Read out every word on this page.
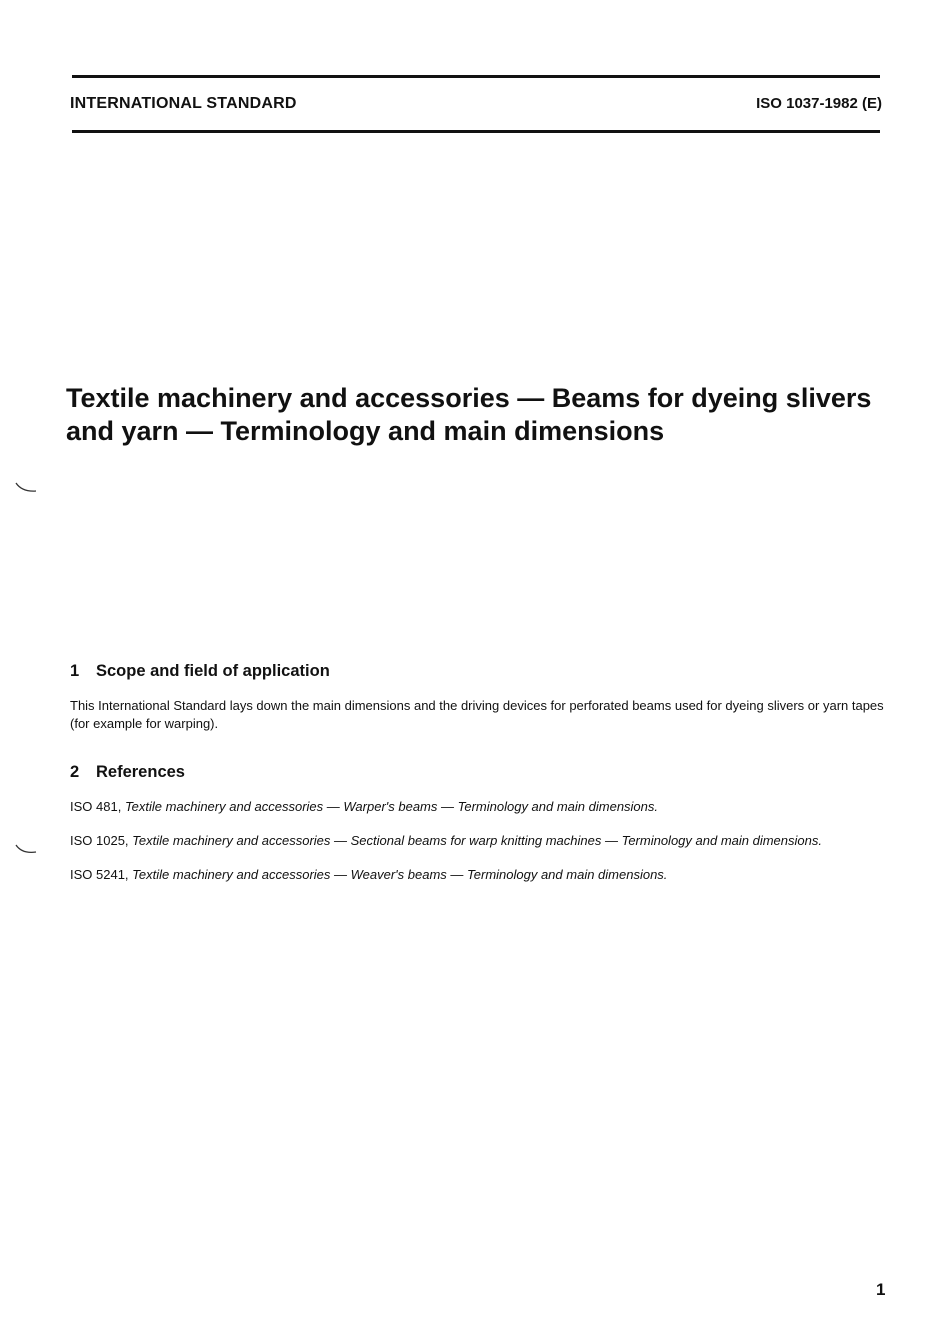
INTERNATIONAL STANDARD	ISO 1037-1982 (E)
Textile machinery and accessories — Beams for dyeing slivers and yarn — Terminology and main dimensions
1 Scope and field of application

This International Standard lays down the main dimensions and the driving devices for perforated beams used for dyeing slivers or yarn tapes (for example for warping).

2 References

ISO 481, Textile machinery and accessories — Warper's beams — Terminology and main dimensions.

ISO 1025, Textile machinery and accessories — Sectional beams for warp knitting machines — Terminology and main dimensions.

ISO 5241, Textile machinery and accessories — Weaver's beams — Terminology and main dimensions.

1
